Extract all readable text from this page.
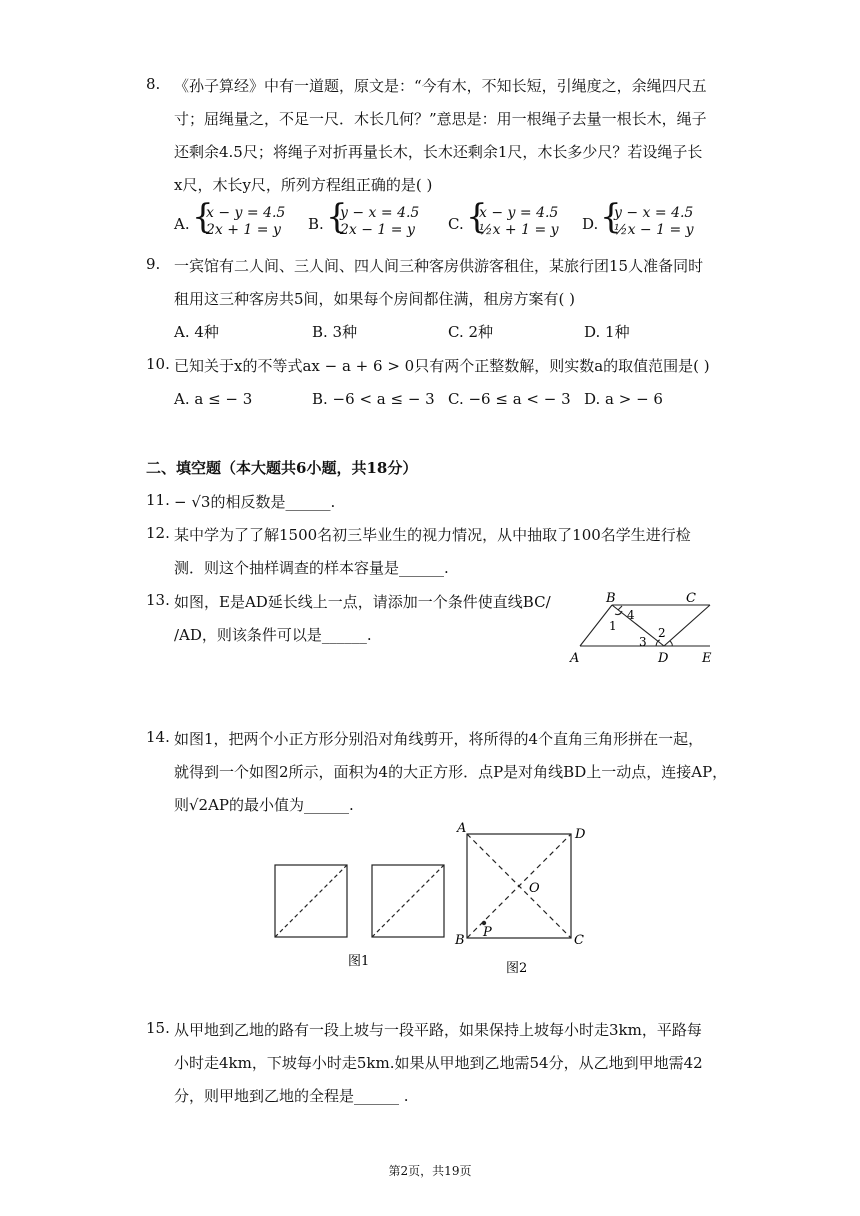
8. 《孙子算经》中有一道题，原文是：“今有木，不知长短，引绳度之，余绳四尺五
寸；屈绳量之，不足一尺．木长几何？”意思是：用一根绳子去量一根长木，绳子
还剩余4.5尺；将绳子对折再量长木，长木还剩余1尺，木长多少尺？若设绳子长
x尺，木长y尺，所列方程组正确的是( )
A. {
x − y = 4.5
2x + 1 = y B. {
y − x = 4.5
2x − 1 = y C. {
x − y = 4.5
½x + 1 = y D. {
y − x = 4.5
½x − 1 = y
9. 一宾馆有二人间、三人间、四人间三种客房供游客租住，某旅行团15人准备同时
租用这三种客房共5间，如果每个房间都住满，租房方案有( )
A. 4种	B. 3种	C. 2种	D. 1种
10. 已知关于x的不等式ax − a + 6 > 0只有两个正整数解，则实数a的取值范围是( )
A. a ≤ − 3	B. −6 < a ≤ − 3 C. −6 ≤ a < − 3 D. a > − 6
二、填空题（本大题共6小题，共18分）
11. − √3的相反数是______.
12. 某中学为了了解1500名初三毕业生的视力情况，从中抽取了100名学生进行检
测．则这个抽样调查的样本容量是______.
13. 如图，E是AD延长线上一点，请添加一个条件使直线BC/
/AD，则该条件可以是______.
B	C
A	D	E
1	2
3
4
14. 如图1，把两个小正方形分别沿对角线剪开，将所得的4个直角三角形拼在一起，
就得到一个如图2所示，面积为4的大正方形．点P是对角线BD上一动点，连接AP，
则√2AP的最小值为______.
A	D
O
B	C
P
图1	图2
15. 从甲地到乙地的路有一段上坡与一段平路，如果保持上坡每小时走3km，平路每
小时走4km，下坡每小时走5km.如果从甲地到乙地需54分，从乙地到甲地需42
分，则甲地到乙地的全程是______ .
第2页，共19页
